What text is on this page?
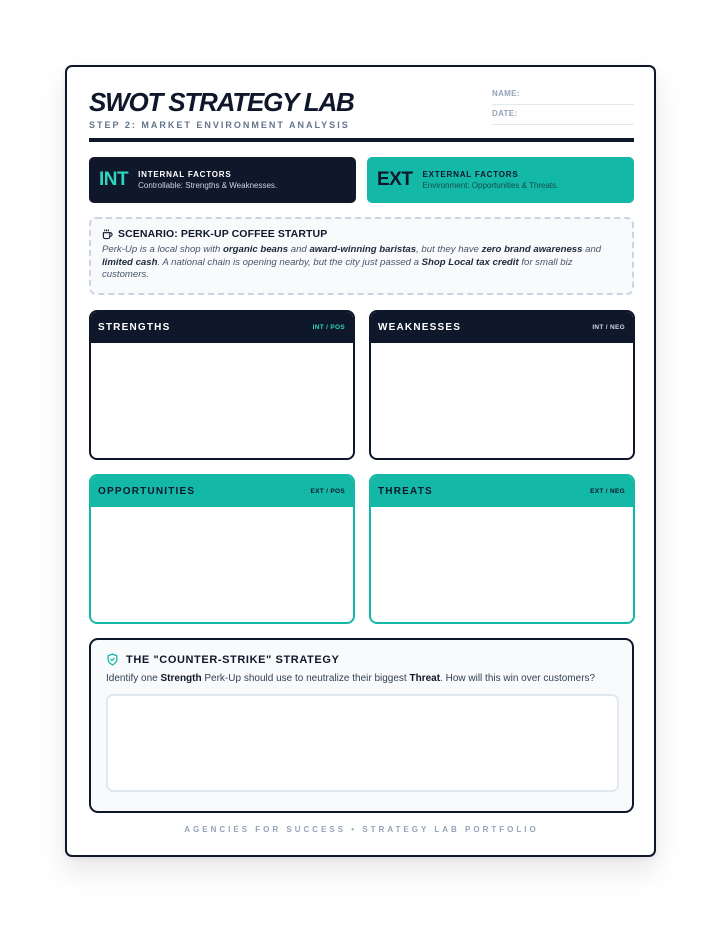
SWOT STRATEGY LAB
STEP 2: MARKET ENVIRONMENT ANALYSIS
NAME:
DATE:
INT INTERNAL FACTORS
Controllable: Strengths & Weaknesses.	EXT EXTERNAL FACTORS
Environment: Opportunities & Threats.
SCENARIO: PERK-UP COFFEE STARTUP
Perk-Up is a local shop with organic beans and award-winning baristas, but they have zero brand awareness and limited cash. A national chain is opening nearby, but the city just passed a Shop Local tax credit for small biz customers.
STRENGTHS	INT / POS	WEAKNESSES	INT / NEG
OPPORTUNITIES	EXT / POS	THREATS	EXT / NEG
THE "COUNTER-STRIKE" STRATEGY
Identify one Strength Perk-Up should use to neutralize their biggest Threat. How will this win over customers?
AGENCIES FOR SUCCESS • STRATEGY LAB PORTFOLIO
